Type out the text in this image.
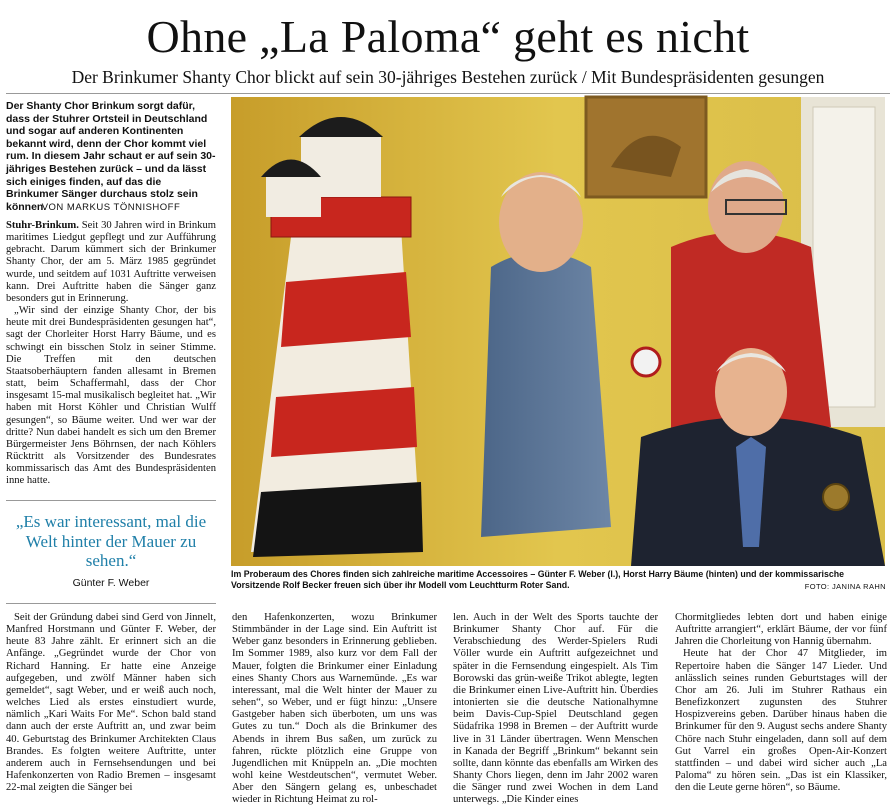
Ohne „La Paloma“ geht es nicht
Der Brinkumer Shanty Chor blickt auf sein 30-jähriges Bestehen zurück / Mit Bundespräsidenten gesungen
Der Shanty Chor Brinkum sorgt dafür, dass der Stuhrer Ortsteil in Deutschland und sogar auf anderen Kontinenten bekannt wird, denn der Chor kommt viel rum. In diesem Jahr schaut er auf sein 30-jähriges Bestehen zurück – und da lässt sich einiges finden, auf das die Brinkumer Sänger durchaus stolz sein können.
VON MARKUS TÖNNISHOFF

Stuhr-Brinkum. Seit 30 Jahren wird in Brinkum maritimes Liedgut gepflegt und zur Aufführung gebracht. Darum kümmert sich der Brinkumer Shanty Chor, der am 5. März 1985 gegründet wurde, und seitdem auf 1031 Auftritte verweisen kann. Drei Auftritte haben die Sänger ganz besonders gut in Erinnerung.

„Wir sind der einzige Shanty Chor, der bis heute mit drei Bundespräsidenten gesungen hat“, sagt der Chorleiter Horst Harry Bäume, und es schwingt ein bisschen Stolz in seiner Stimme. Die Treffen mit den deutschen Staatsoberhäuptern fanden allesamt in Bremen statt, beim Schaffermahl, dass der Chor insgesamt 15-mal musikalisch begleitet hat. „Wir haben mit Horst Köhler und Christian Wulff gesungen“, so Bäume weiter. Und wer war der dritte? Nun dabei handelt es sich um den Bremer Bürgermeister Jens Böhrnsen, der nach Köhlers Rücktritt als Vorsitzender des Bundesrates kommissarisch das Amt des Bundespräsidenten inne hatte.

„Es war interessant, mal die Welt hinter der Mauer zu sehen.“
Günter F. Weber
Im Proberaum des Chores finden sich zahlreiche maritime Accessoires – Günter F. Weber (l.), Horst Harry Bäume (hinten) und der kommissarische Vorsitzende Rolf Becker freuen sich über ihr Modell vom Leuchtturm Roter Sand.	FOTO: JANINA RAHN

Seit der Gründung dabei sind Gerd von Jinnelt, Manfred Horstmann und Günter F. Weber, der heute 83 Jahre zählt. Er erinnert sich an die Anfänge. „Gegründet wurde der Chor von Richard Hanning. Er hatte eine Anzeige aufgegeben, und zwölf Männer haben sich gemeldet“, sagt Weber, und er weiß auch noch, welches Lied als erstes einstudiert wurde, nämlich „Kari Waits For Me“. Schon bald stand dann auch der erste Auftritt an, und zwar beim 40. Geburtstag des Brinkumer Architekten Claus Brandes. Es folgten weitere Auftritte, unter anderem auch in Fernsehsendungen und bei Hafenkonzerten von Radio Bremen – insgesamt 22-mal zeigten die Sänger bei

den Hafenkonzerten, wozu Brinkumer Stimmbänder in der Lage sind. Ein Auftritt ist Weber ganz besonders in Erinnerung geblieben. Im Sommer 1989, also kurz vor dem Fall der Mauer, folgten die Brinkumer einer Einladung eines Shanty Chors aus Warnemünde. „Es war interessant, mal die Welt hinter der Mauer zu sehen“, so Weber, und er fügt hinzu: „Unsere Gastgeber haben sich überboten, um uns was Gutes zu tun.“ Doch als die Brinkumer des Abends in ihrem Bus saßen, um zurück zu fahren, rückte plötzlich eine Gruppe von Jugendlichen mit Knüppeln an. „Die mochten wohl keine Westdeutschen“, vermutet Weber. Aber den Sängern gelang es, unbeschadet wieder in Richtung Heimat zu rol-

len. Auch in der Welt des Sports tauchte der Brinkumer Shanty Chor auf. Für die Verabschiedung des Werder-Spielers Rudi Völler wurde ein Auftritt aufgezeichnet und später in die Fernsendung eingespielt. Als Tim Borowski das grün-weiße Trikot ablegte, legten die Brinkumer einen Live-Auftritt hin. Überdies intonierten sie die deutsche Nationalhymne beim Davis-Cup-Spiel Deutschland gegen Südafrika 1998 in Bremen – der Auftritt wurde live in 31 Länder übertragen. Wenn Menschen in Kanada der Begriff „Brinkum“ bekannt sein sollte, dann könnte das ebenfalls am Wirken des Shanty Chors liegen, denn im Jahr 2002 waren die Sänger rund zwei Wochen in dem Land unterwegs. „Die Kinder eines

Chormitgliedes lebten dort und haben einige Auftritte arrangiert“, erklärt Bäume, der vor fünf Jahren die Chorleitung von Hannig übernahm.

Heute hat der Chor 47 Mitglieder, im Repertoire haben die Sänger 147 Lieder. Und anlässlich seines runden Geburtstages will der Chor am 26. Juli im Stuhrer Rathaus ein Benefizkonzert zugunsten des Stuhrer Hospizvereins geben. Darüber hinaus haben die Brinkumer für den 9. August sechs andere Shanty Chöre nach Stuhr eingeladen, dann soll auf dem Gut Varrel ein großes Open-Air-Konzert stattfinden – und dabei wird sicher auch „La Paloma“ zu hören sein. „Das ist ein Klassiker, den die Leute gerne hören“, so Bäume.
